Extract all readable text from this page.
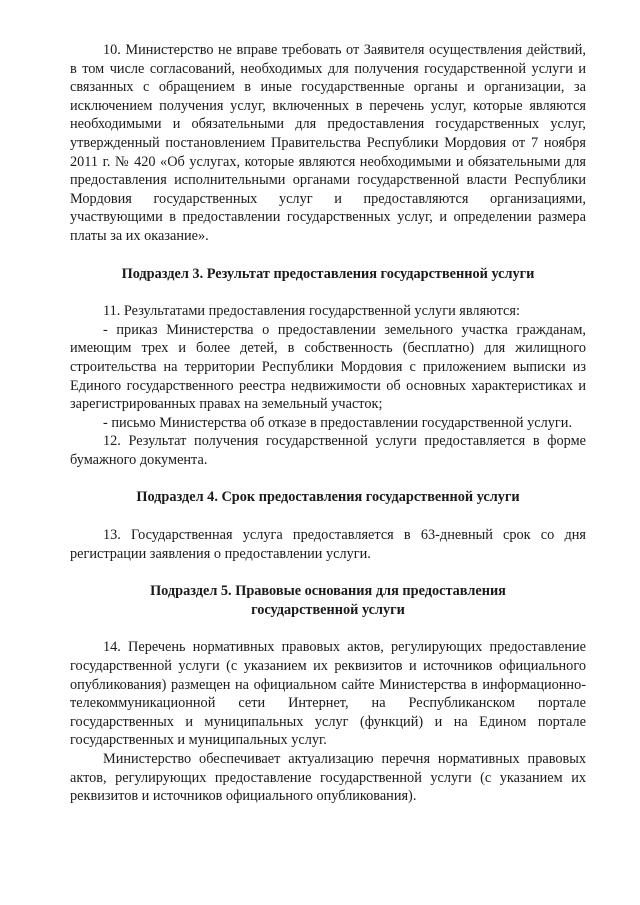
10. Министерство не вправе требовать от Заявителя осуществления действий, в том числе согласований, необходимых для получения государственной услуги и связанных с обращением в иные государственные органы и организации, за исключением получения услуг, включенных в перечень услуг, которые являются необходимыми и обязательными для предоставления государственных услуг, утвержденный постановлением Правительства Республики Мордовия от 7 ноября 2011 г. № 420 «Об услугах, которые являются необходимыми и обязательными для предоставления исполнительными органами государственной власти Республики Мордовия государственных услуг и предоставляются организациями, участвующими в предоставлении государственных услуг, и определении размера платы за их оказание».

Подраздел 3. Результат предоставления государственной услуги

11. Результатами предоставления государственной услуги являются:

- приказ Министерства о предоставлении земельного участка гражданам, имеющим трех и более детей, в собственность (бесплатно) для жилищного строительства на территории Республики Мордовия с приложением выписки из Единого государственного реестра недвижимости об основных характеристиках и зарегистрированных правах на земельный участок;

- письмо Министерства об отказе в предоставлении государственной услуги.

12. Результат получения государственной услуги предоставляется в форме бумажного документа.

Подраздел 4. Срок предоставления государственной услуги

13. Государственная услуга предоставляется в 63-дневный срок со дня регистрации заявления о предоставлении услуги.

Подраздел 5. Правовые основания для предоставления
государственной услуги

14. Перечень нормативных правовых актов, регулирующих предоставление государственной услуги (с указанием их реквизитов и источников официального опубликования) размещен на официальном сайте Министерства в информационно-телекоммуникационной сети Интернет, на Республиканском портале государственных и муниципальных услуг (функций) и на Едином портале государственных и муниципальных услуг.

Министерство обеспечивает актуализацию перечня нормативных правовых актов, регулирующих предоставление государственной услуги (с указанием их реквизитов и источников официального опубликования).
